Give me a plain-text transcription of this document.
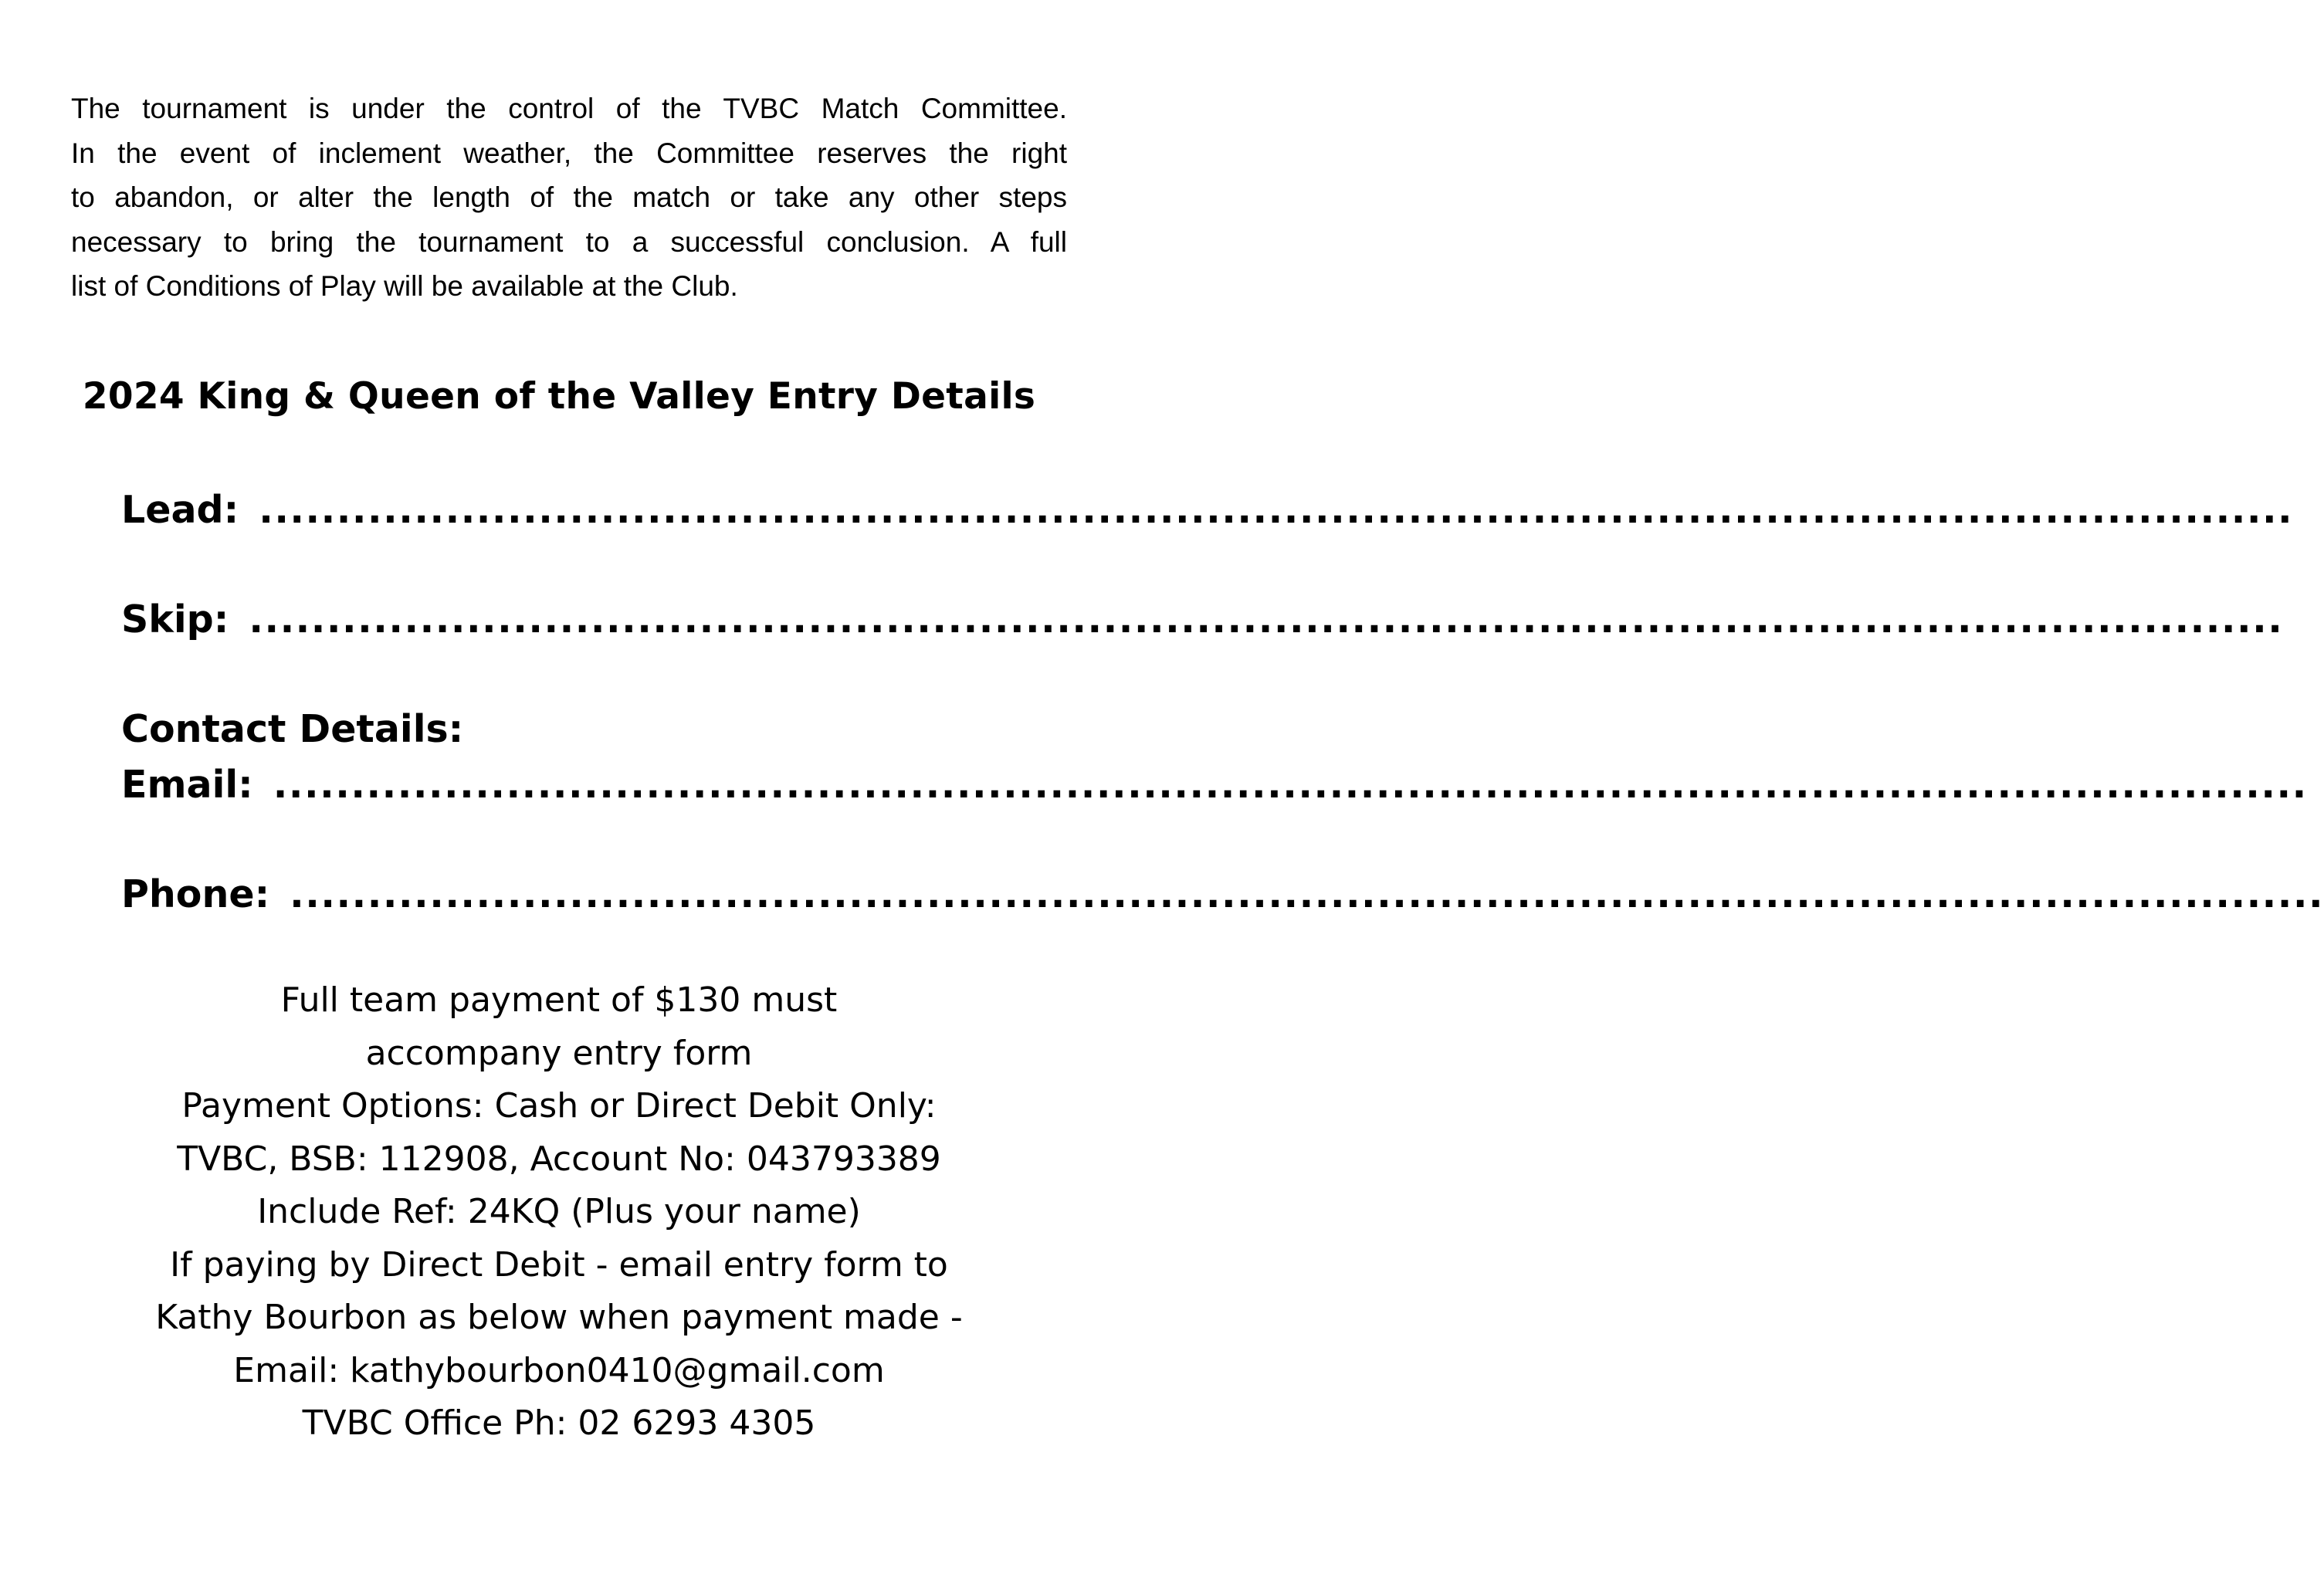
The tournament is under the control of the TVBC Match Committee.
In the event of inclement weather, the Committee reserves the right
to abandon, or alter the length of the match or take any other steps
necessary to bring the tournament to a successful conclusion. A full
list of Conditions of Play will be available at the Club.
2024 King & Queen of the Valley Entry Details
Lead: ...................................................................................................................................
Skip: ...................................................................................................................................
Contact Details:
Email: ...................................................................................................................................
Phone: ...................................................................................................................................
Full team payment of $130 must
accompany entry form
Payment Options: Cash or Direct Debit Only:
TVBC, BSB: 112908, Account No: 043793389
Include Ref: 24KQ (Plus your name)
If paying by Direct Debit - email entry form to
Kathy Bourbon as below when payment made -
Email: kathybourbon0410@gmail.com
TVBC Office Ph: 02 6293 4305
